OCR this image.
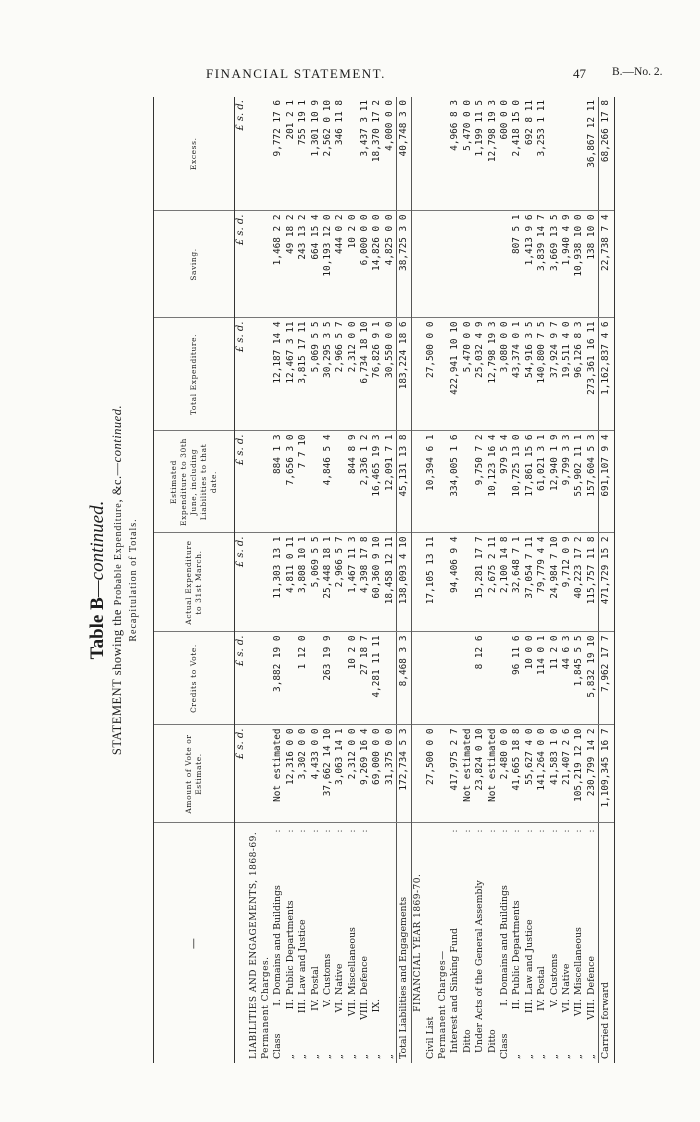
FINANCIAL STATEMENT.	47 B.—No. 2.
Table B—continued.
STATEMENT showing the Probable Expenditure, &c.—continued.
Recapitulation of Totals.
—	Amount of Vote or Estimate.	Credits to Vote.	Actual Expenditure to 31st March.	Estimated Expenditure to 30th June, including Liabilities to that date.	Total Expenditure.	Saving.	Excess.
	£ s. d.	£ s. d.	£ s. d.	£ s. d.	£ s. d.	£ s. d.	£ s. d.
LIABILITIES AND ENGAGEMENTS, 1868-69.							
Permanent Charges.							
ClassI.Domains and Buildings
:	Not estimated	3,882 19 0	11,303 13 1	884 1 3	12,187 14 4	1,468 2 2	9,772 17 6
„II.Public Departments
:	12,316 0 0		4,811 0 11	7,656 3 0	12,467 3 11	49 18 2	201 2 1
„III.Law and Justice
:	3,302 0 0	1 12 0	3,808 10 1	7 7 10	3,815 17 11	243 13 2	755 19 1
„IV.Postal
:	4,433 0 0		5,069 5 5		5,069 5 5	664 15 4	1,301 10 9
„V.Customs
:	37,662 14 10	263 19 9	25,448 18 1	4,846 5 4	30,295 3 5	10,193 12 0	2,562 0 10
„VI.Native
:	3,063 14 1		2,966 5 7		2,966 5 7	444 0 2	346 11 8
„VII.Miscellaneous
:	2,312 0 0	10 2 0	1,467 11 3	844 8 9	2,312 0 0	10 2 0	
„VIII.Defence
:	9,269 16 4	27 18 7	4,398 17 8	2,336 1 2	6,734 18 10	6,000 0 0	3,437 3 11
„IX.	69,000 0 0	4,281 11 11	60,360 9 10	16,465 19 3	76,826 9 1	14,826 0 0	18,370 17 2
„	31,375 0 0		18,458 12 11	12,091 7 1	30,550 0 0	4,825 0 0	4,000 0 0
Total Liabilities and Engagements	172,734 5 3	8,468 3 3	138,093 4 10	45,131 13 8	183,224 18 6	38,725 3 0	40,748 3 0
FINANCIAL YEAR 1869-70.							
Civil List	27,500 0 0		17,105 13 11	10,394 6 1	27,500 0 0		
Permanent Charges—							
Interest and Sinking Fund
:	417,975 2 7		94,406 9 4	334,005 1 6	422,941 10 10		4,966 8 3
Ditto
:	Not estimated				5,470 0 0		5,470 0 0
Under Acts of the General Assembly
:	23,824 0 10	8 12 6	15,281 17 7	9,750 7 2	25,032 4 9		1,199 11 5
Ditto
:	Not estimated		2,675 2 11	10,123 16 4	12,798 19 3		12,798 19 3
ClassI.Domains and Buildings
:	2,480 0 0		2,100 14 8	979 5 4	3,080 0 0		600 0 0
„II.Public Departments
:	41,665 18 8	96 11 6	32,648 7 1	10,725 13 0	43,374 0 1	807 5 1	2,418 15 0
„III.Law and Justice
:	55,627 4 0	10 0 0	37,054 7 11	17,861 15 6	54,916 3 5	1,413 9 6	692 8 11
„IV.Postal
:	141,264 0 0	114 0 1	79,779 4 4	61,021 3 1	140,800 7 5	3,839 14 7	3,253 1 11
„V.Customs
:	41,583 1 0	11 2 0	24,984 7 10	12,940 1 9	37,924 9 7	3,669 13 5	
„VI.Native
:	21,407 2 6	44 6 3	9,712 0 9	9,799 3 3	19,511 4 0	1,940 4 9	
„VII.Miscellaneous
:	105,219 12 10	1,845 5 5	40,223 17 2	55,902 11 1	96,126 8 3	10,938 10 0	
„VIII.Defence
:	230,799 14 2	5,832 19 10	115,757 11 8	157,604 5 3	273,361 16 11	138 10 0	36,867 12 11
Carried forward	1,109,345 16 7	7,962 17 7	471,729 15 2	691,107 9 4	1,162,837 4 6	22,738 7 4	68,266 17 8
